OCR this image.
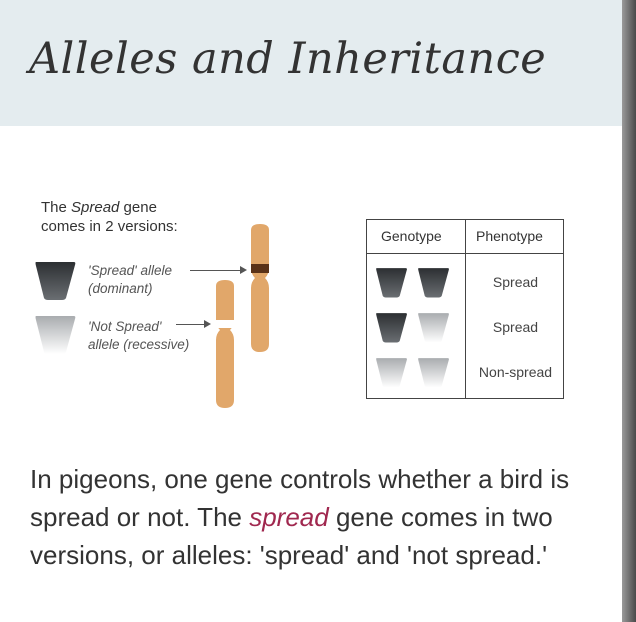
Alleles and Inheritance
The Spread gene
comes in 2 versions:
'Spread' allele
(dominant)
'Not Spread'
allele (recessive)
Genotype Phenotype
Spread
Spread
Non-spread
In pigeons, one gene controls whether a bird is spread or not. The spread gene comes in two versions, or alleles: 'spread' and 'not spread.'
